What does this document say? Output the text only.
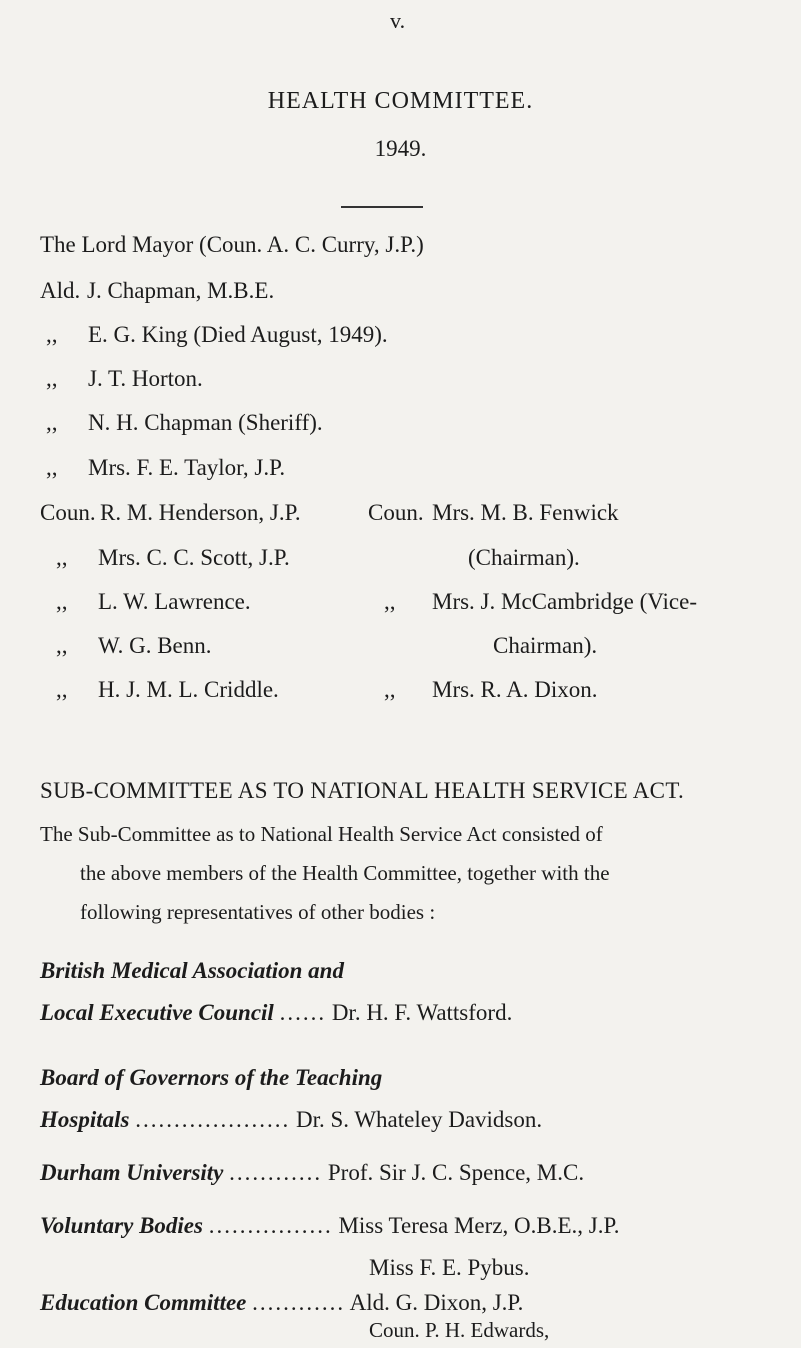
v.
HEALTH COMMITTEE.
1949.
The Lord Mayor (Coun. A. C. Curry, J.P.)
Ald. J. Chapman, M.B.E.
,, E. G. King (Died August, 1949).
,, J. T. Horton.
,, N. H. Chapman (Sheriff).
,, Mrs. F. E. Taylor, J.P.
Coun. R. M. Henderson, J.P.
,, Mrs. C. C. Scott, J.P.
,, L. W. Lawrence.
,, W. G. Benn.
,, H. J. M. L. Criddle.
Coun. Mrs. M. B. Fenwick
(Chairman).
,, Mrs. J. McCambridge (Vice-
Chairman).
,, Mrs. R. A. Dixon.
SUB-COMMITTEE AS TO NATIONAL HEALTH SERVICE ACT.
The Sub-Committee as to National Health Service Act consisted of
the above members of the Health Committee, together with the
following representatives of other bodies :
British Medical Association and
Local Executive Council ...... Dr. H. F. Wattsford.
Board of Governors of the Teaching
Hospitals .................... Dr. S. Whateley Davidson.
Durham University ............ Prof. Sir J. C. Spence, M.C.
Voluntary Bodies ................ Miss Teresa Merz, O.B.E., J.P.
Miss F. E. Pybus.
Education Committee ............ Ald. G. Dixon, J.P.
Coun. P. H. Edwards,
